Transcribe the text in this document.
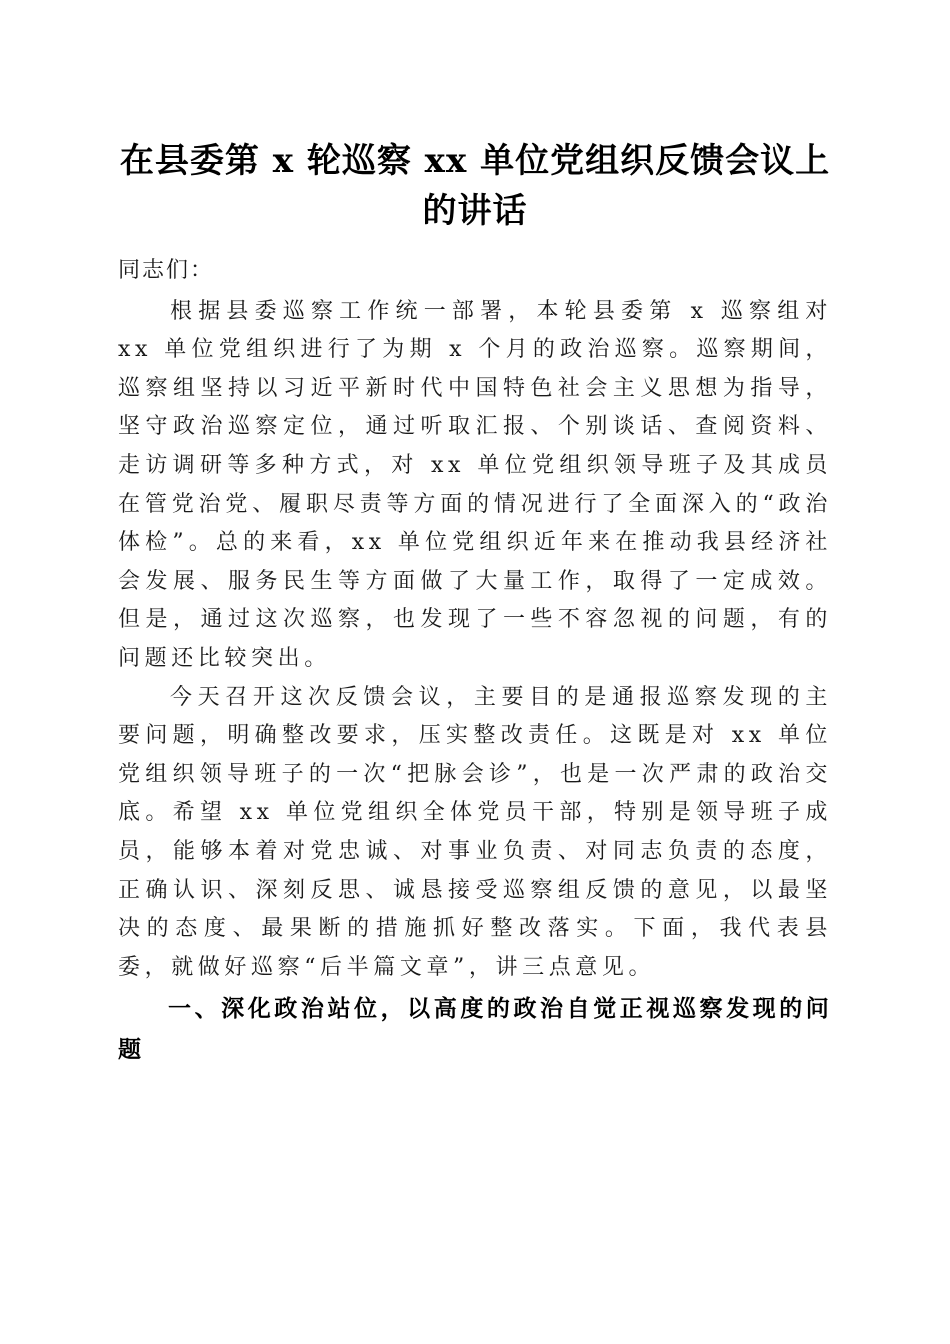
在县委第 x 轮巡察 xx 单位党组织反馈会议上的讲话

同志们：

根据县委巡察工作统一部署，本轮县委第 x 巡察组对 xx 单位党组织进行了为期 x 个月的政治巡察。巡察期间，巡察组坚持以习近平新时代中国特色社会主义思想为指导，坚守政治巡察定位，通过听取汇报、个别谈话、查阅资料、走访调研等多种方式，对 xx 单位党组织领导班子及其成员在管党治党、履职尽责等方面的情况进行了全面深入的“政治体检”。总的来看，xx 单位党组织近年来在推动我县经济社会发展、服务民生等方面做了大量工作，取得了一定成效。但是，通过这次巡察，也发现了一些不容忽视的问题，有的问题还比较突出。

今天召开这次反馈会议，主要目的是通报巡察发现的主要问题，明确整改要求，压实整改责任。这既是对 xx 单位党组织领导班子的一次“把脉会诊”，也是一次严肃的政治交底。希望 xx 单位党组织全体党员干部，特别是领导班子成员，能够本着对党忠诚、对事业负责、对同志负责的态度，正确认识、深刻反思、诚恳接受巡察组反馈的意见，以最坚决的态度、最果断的措施抓好整改落实。下面，我代表县委，就做好巡察“后半篇文章”，讲三点意见。

一、深化政治站位，以高度的政治自觉正视巡察发现的问题
